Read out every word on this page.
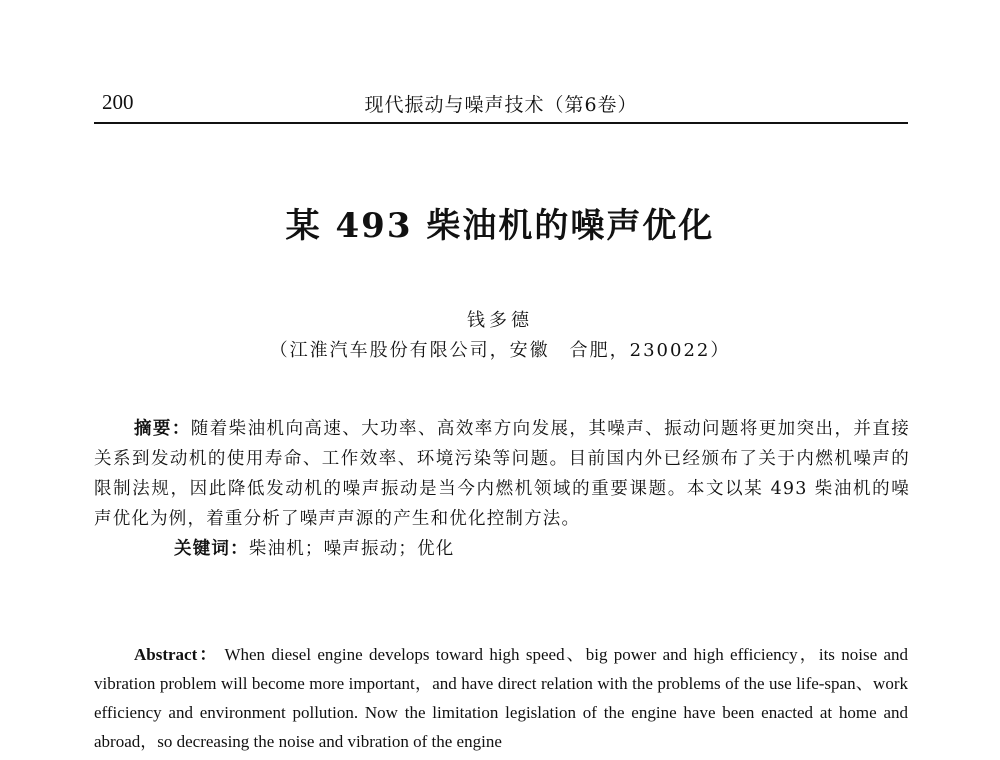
200	现代振动与噪声技术（第6卷）
某 493 柴油机的噪声优化
钱多德
（江淮汽车股份有限公司，安徽　合肥，230022）

摘要：随着柴油机向高速、大功率、高效率方向发展，其噪声、振动问题将更加突出，并直接关系到发动机的使用寿命、工作效率、环境污染等问题。目前国内外已经颁布了关于内燃机噪声的限制法规，因此降低发动机的噪声振动是当今内燃机领域的重要课题。本文以某 493 柴油机的噪声优化为例，着重分析了噪声声源的产生和优化控制方法。

关键词：柴油机；噪声振动；优化

Abstract： When diesel engine develops toward high speed、big power and high efficiency，its noise and vibration problem will become more important，and have direct relation with the problems of the use life-span、work efficiency and environment pollution. Now the limitation legislation of the engine have been enacted at home and abroad，so decreasing the noise and vibration of the engine
